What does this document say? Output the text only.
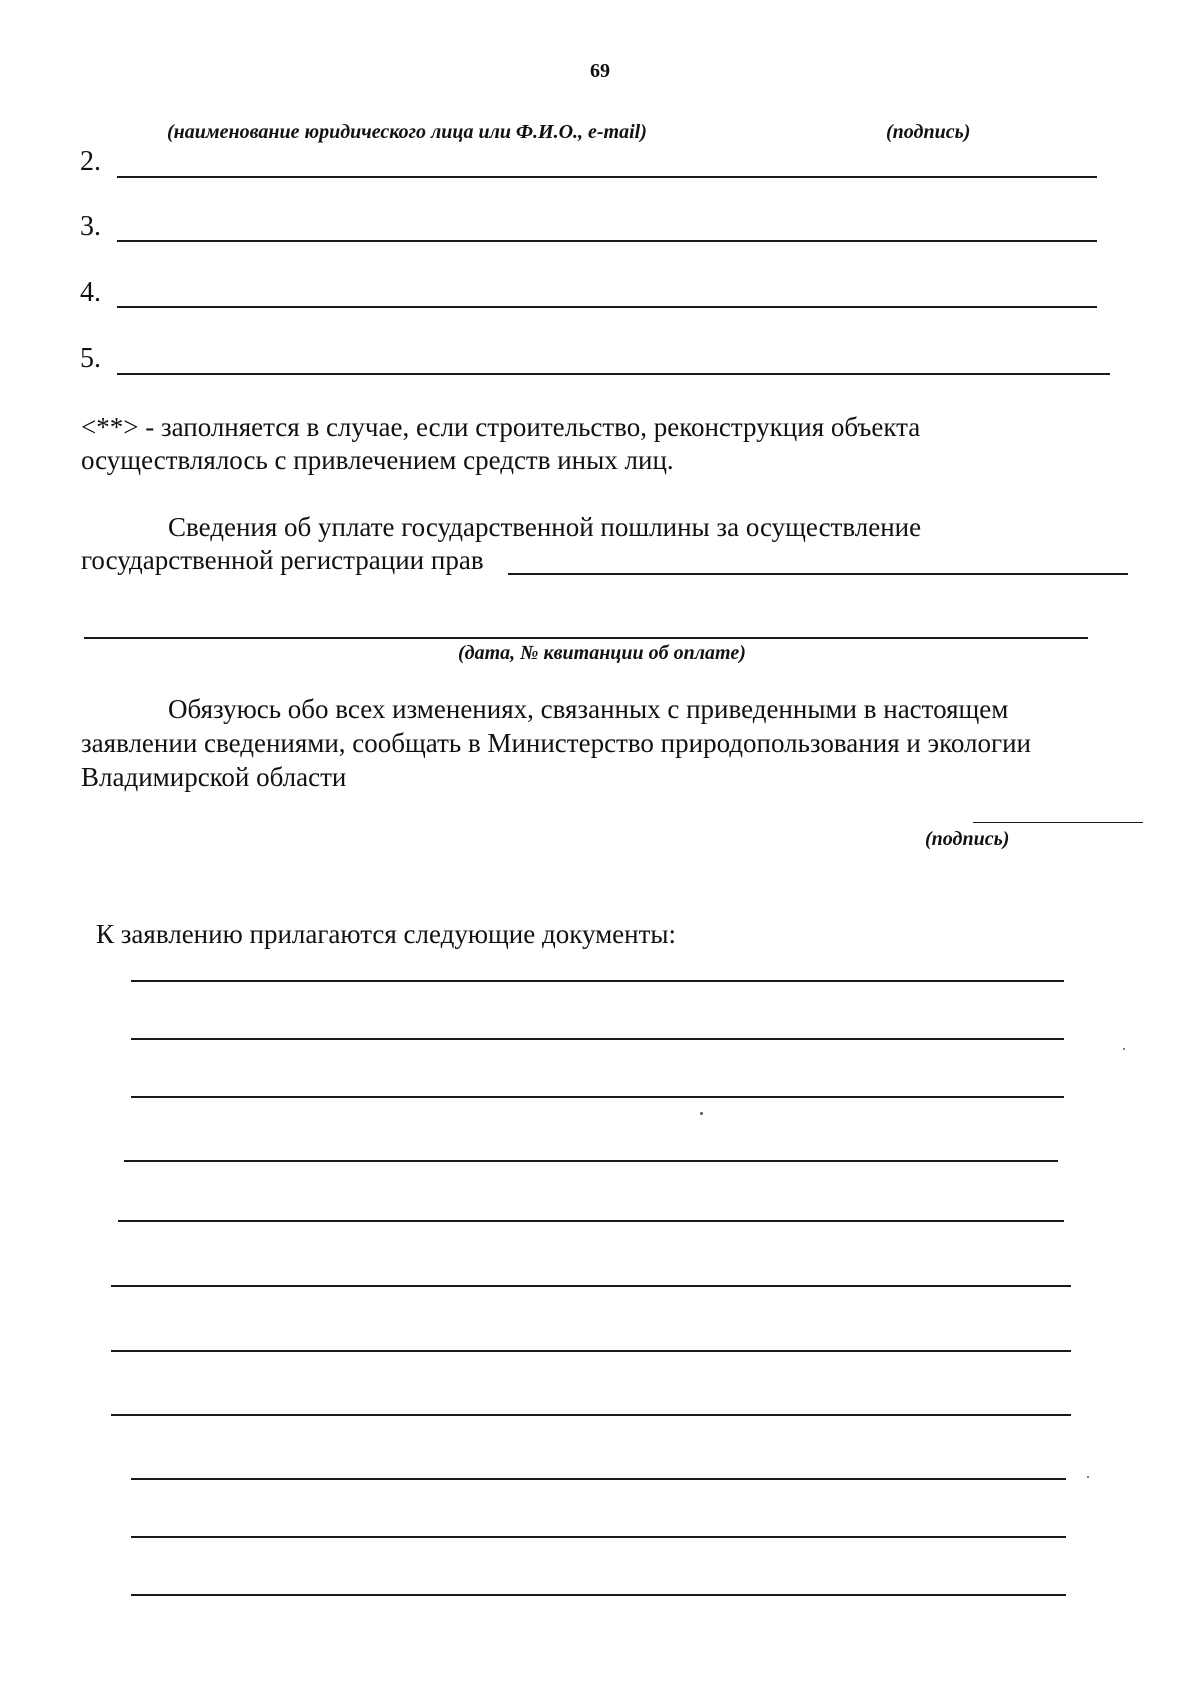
69
(наименование юридического лица или Ф.И.О., e-mail)	(подпись)
2.
3.
4.
5.
<**> - заполняется в случае, если строительство, реконструкция объекта
осуществлялось с привлечением средств иных лиц.
Сведения об уплате государственной пошлины за осуществление
государственной регистрации прав
(дата, № квитанции об оплате)
Обязуюсь обо всех изменениях, связанных с приведенными в настоящем
заявлении сведениями, сообщать в Министерство природопользования и экологии
Владимирской области
(подпись)
К заявлению прилагаются следующие документы:
